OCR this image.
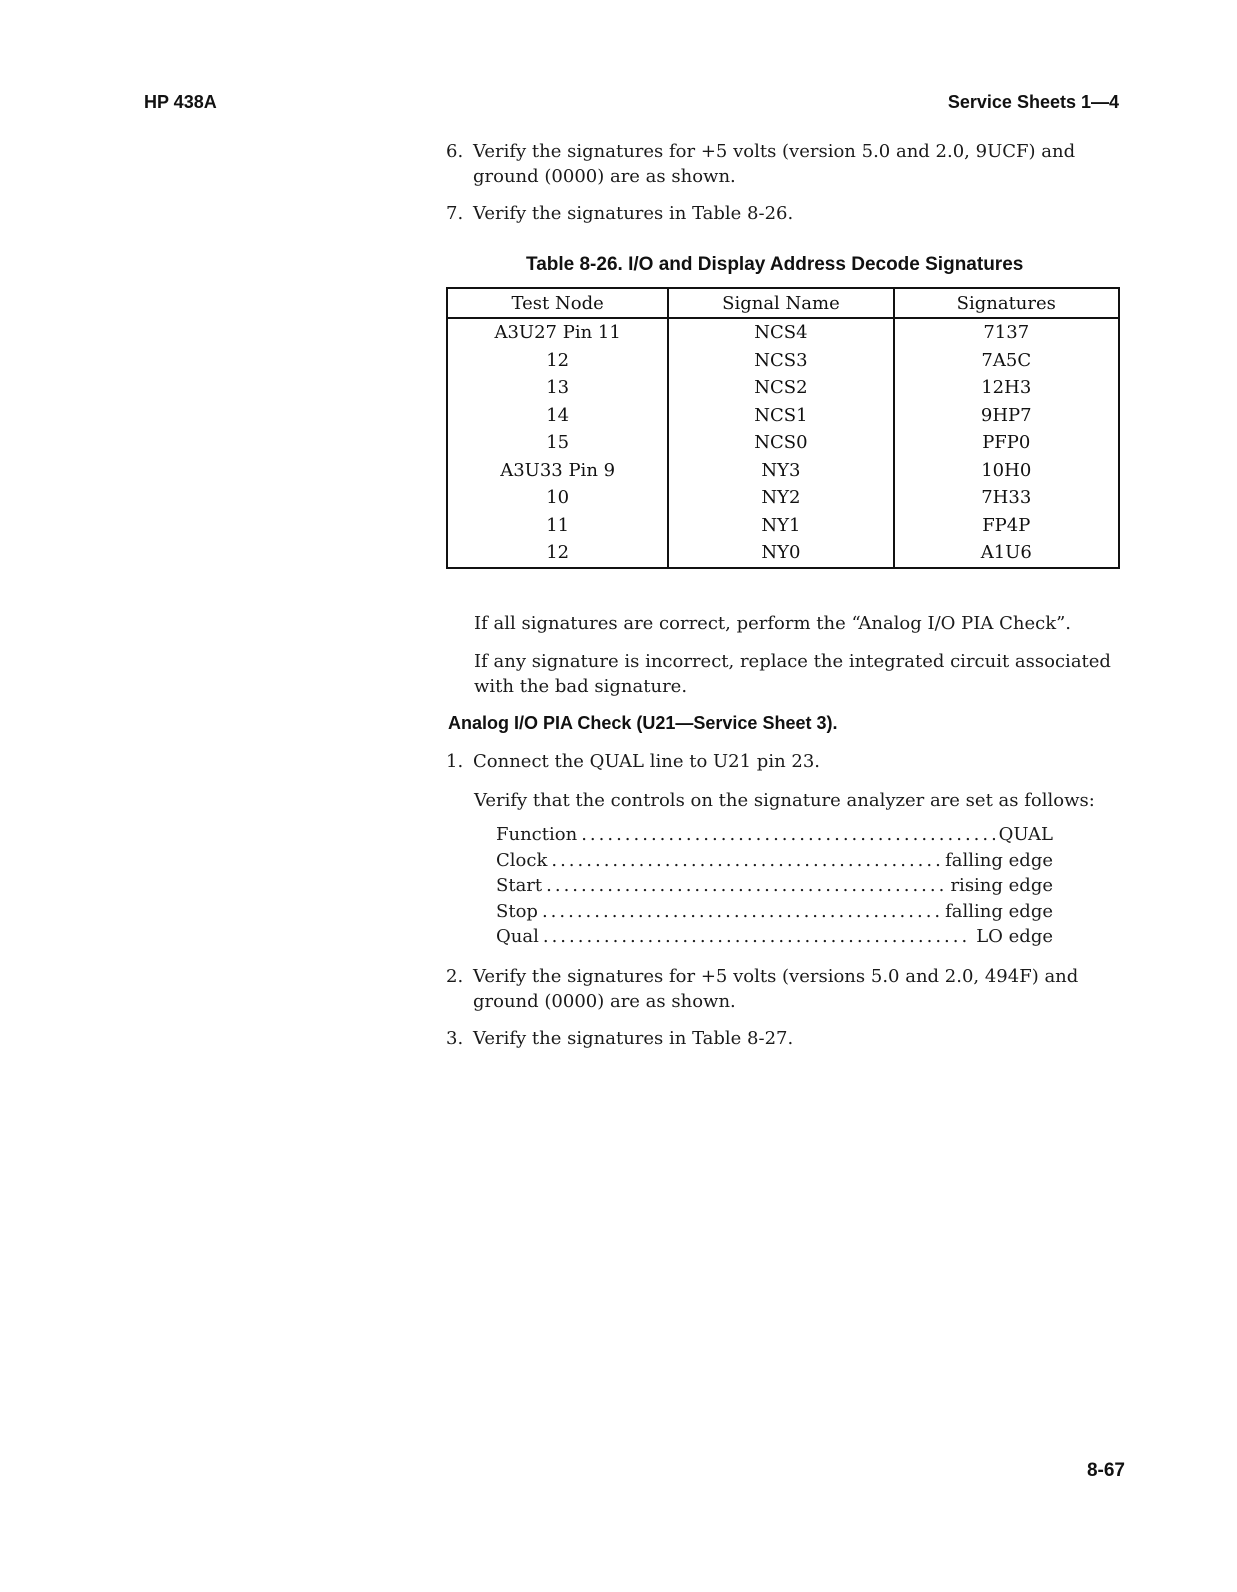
HP 438A	Service Sheets 1—4
6. Verify the signatures for +5 volts (version 5.0 and 2.0, 9UCF) and ground (0000) are as shown.
7. Verify the signatures in Table 8-26.
Table 8-26. I/O and Display Address Decode Signatures
Test Node	Signal Name	Signatures
A3U27 Pin 11	NCS4	7137
12	NCS3	7A5C
13	NCS2	12H3
14	NCS1	9HP7
15	NCS0	PFP0
A3U33 Pin 9	NY3	10H0
10	NY2	7H33
11	NY1	FP4P
12	NY0	A1U6
If all signatures are correct, perform the “Analog I/O PIA Check”.
If any signature is incorrect, replace the integrated circuit associated with the bad signature.
Analog I/O PIA Check (U21—Service Sheet 3).
1. Connect the QUAL line to U21 pin 23.
Verify that the controls on the signature analyzer are set as follows:
Function .....	QUAL
Clock .....	falling edge
Start .....	rising edge
Stop .....	falling edge
Qual .....	LO edge
2. Verify the signatures for +5 volts (versions 5.0 and 2.0, 494F) and ground (0000) are as shown.
3. Verify the signatures in Table 8-27.
8-67
